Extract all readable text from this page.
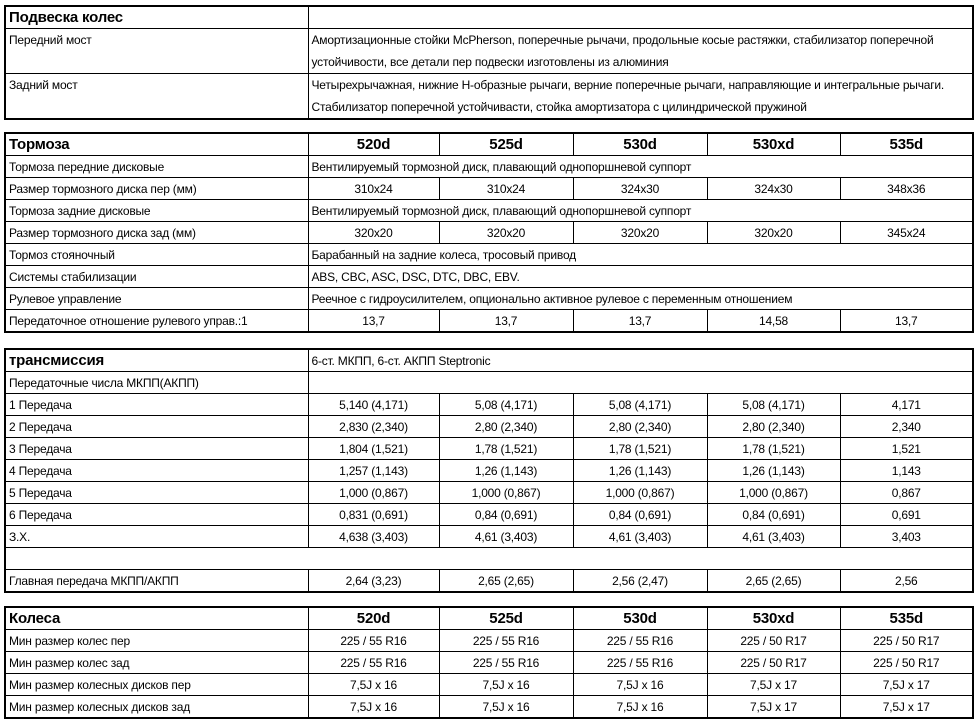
Подвеска колес	
Передний мост	Амортизационные стойки McPherson, поперечные рычачи, продольные косые растяжки, стабилизатор поперечной устойчивости, все детали пер подвески изготовлены из алюминия
Задний мост	Четырехрычажная, нижние Н-образные рычаги, верние поперечные рычаги, направляющие и интегральные рычаги. Стабилизатор поперечной устойчивасти, стойка амортизатора с цилиндрической пружиной
Тормоза	520d	525d	530d	530xd	535d
Тормоза передние дисковые	Вентилируемый тормозной диск, плавающий однопоршневой суппорт				
Размер тормозного диска пер (мм)	310x24	310x24	324x30	324x30	348x36
Тормоза задние дисковые	Вентилируемый тормозной диск, плавающий однопоршневой суппорт				
Размер тормозного диска зад (мм)	320x20	320x20	320x20	320x20	345x24
Тормоз стояночный	Барабанный на задние колеса, тросовый привод				
Системы стабилизации	ABS, CBC, ASC, DSC, DTC, DBC, EBV.				
Рулевое управление	Реечное с гидроусилителем, опционально активное рулевое с переменным отношением				
Передаточное отношение рулевого управ.:1	13,7	13,7	13,7	14,58	13,7
трансмиссия	6-ст. МКПП, 6-ст. АКПП Steptronic				
Передаточные числа МКПП(АКПП)					
1 Передача	5,140 (4,171)	5,08 (4,171)	5,08 (4,171)	5,08 (4,171)	4,171
2 Передача	2,830 (2,340)	2,80 (2,340)	2,80 (2,340)	2,80 (2,340)	2,340
3 Передача	1,804 (1,521)	1,78 (1,521)	1,78 (1,521)	1,78 (1,521)	1,521
4 Передача	1,257 (1,143)	1,26 (1,143)	1,26 (1,143)	1,26 (1,143)	1,143
5 Передача	1,000 (0,867)	1,000 (0,867)	1,000 (0,867)	1,000 (0,867)	0,867
6 Передача	0,831 (0,691)	0,84 (0,691)	0,84 (0,691)	0,84 (0,691)	0,691
З.Х.	4,638 (3,403)	4,61 (3,403)	4,61 (3,403)	4,61 (3,403)	3,403

Главная передача МКПП/АКПП	2,64 (3,23)	2,65 (2,65)	2,56 (2,47)	2,65 (2,65)	2,56
Колеса	520d	525d	530d	530xd	535d
Мин размер колес пер	225 / 55 R16	225 / 55 R16	225 / 55 R16	225 / 50 R17	225 / 50 R17
Мин размер колес зад	225 / 55 R16	225 / 55 R16	225 / 55 R16	225 / 50 R17	225 / 50 R17
Мин размер колесных дисков пер	7,5J x 16	7,5J x 16	7,5J x 16	7,5J x 17	7,5J x 17
Мин размер колесных дисков зад	7,5J x 16	7,5J x 16	7,5J x 16	7,5J x 17	7,5J x 17
